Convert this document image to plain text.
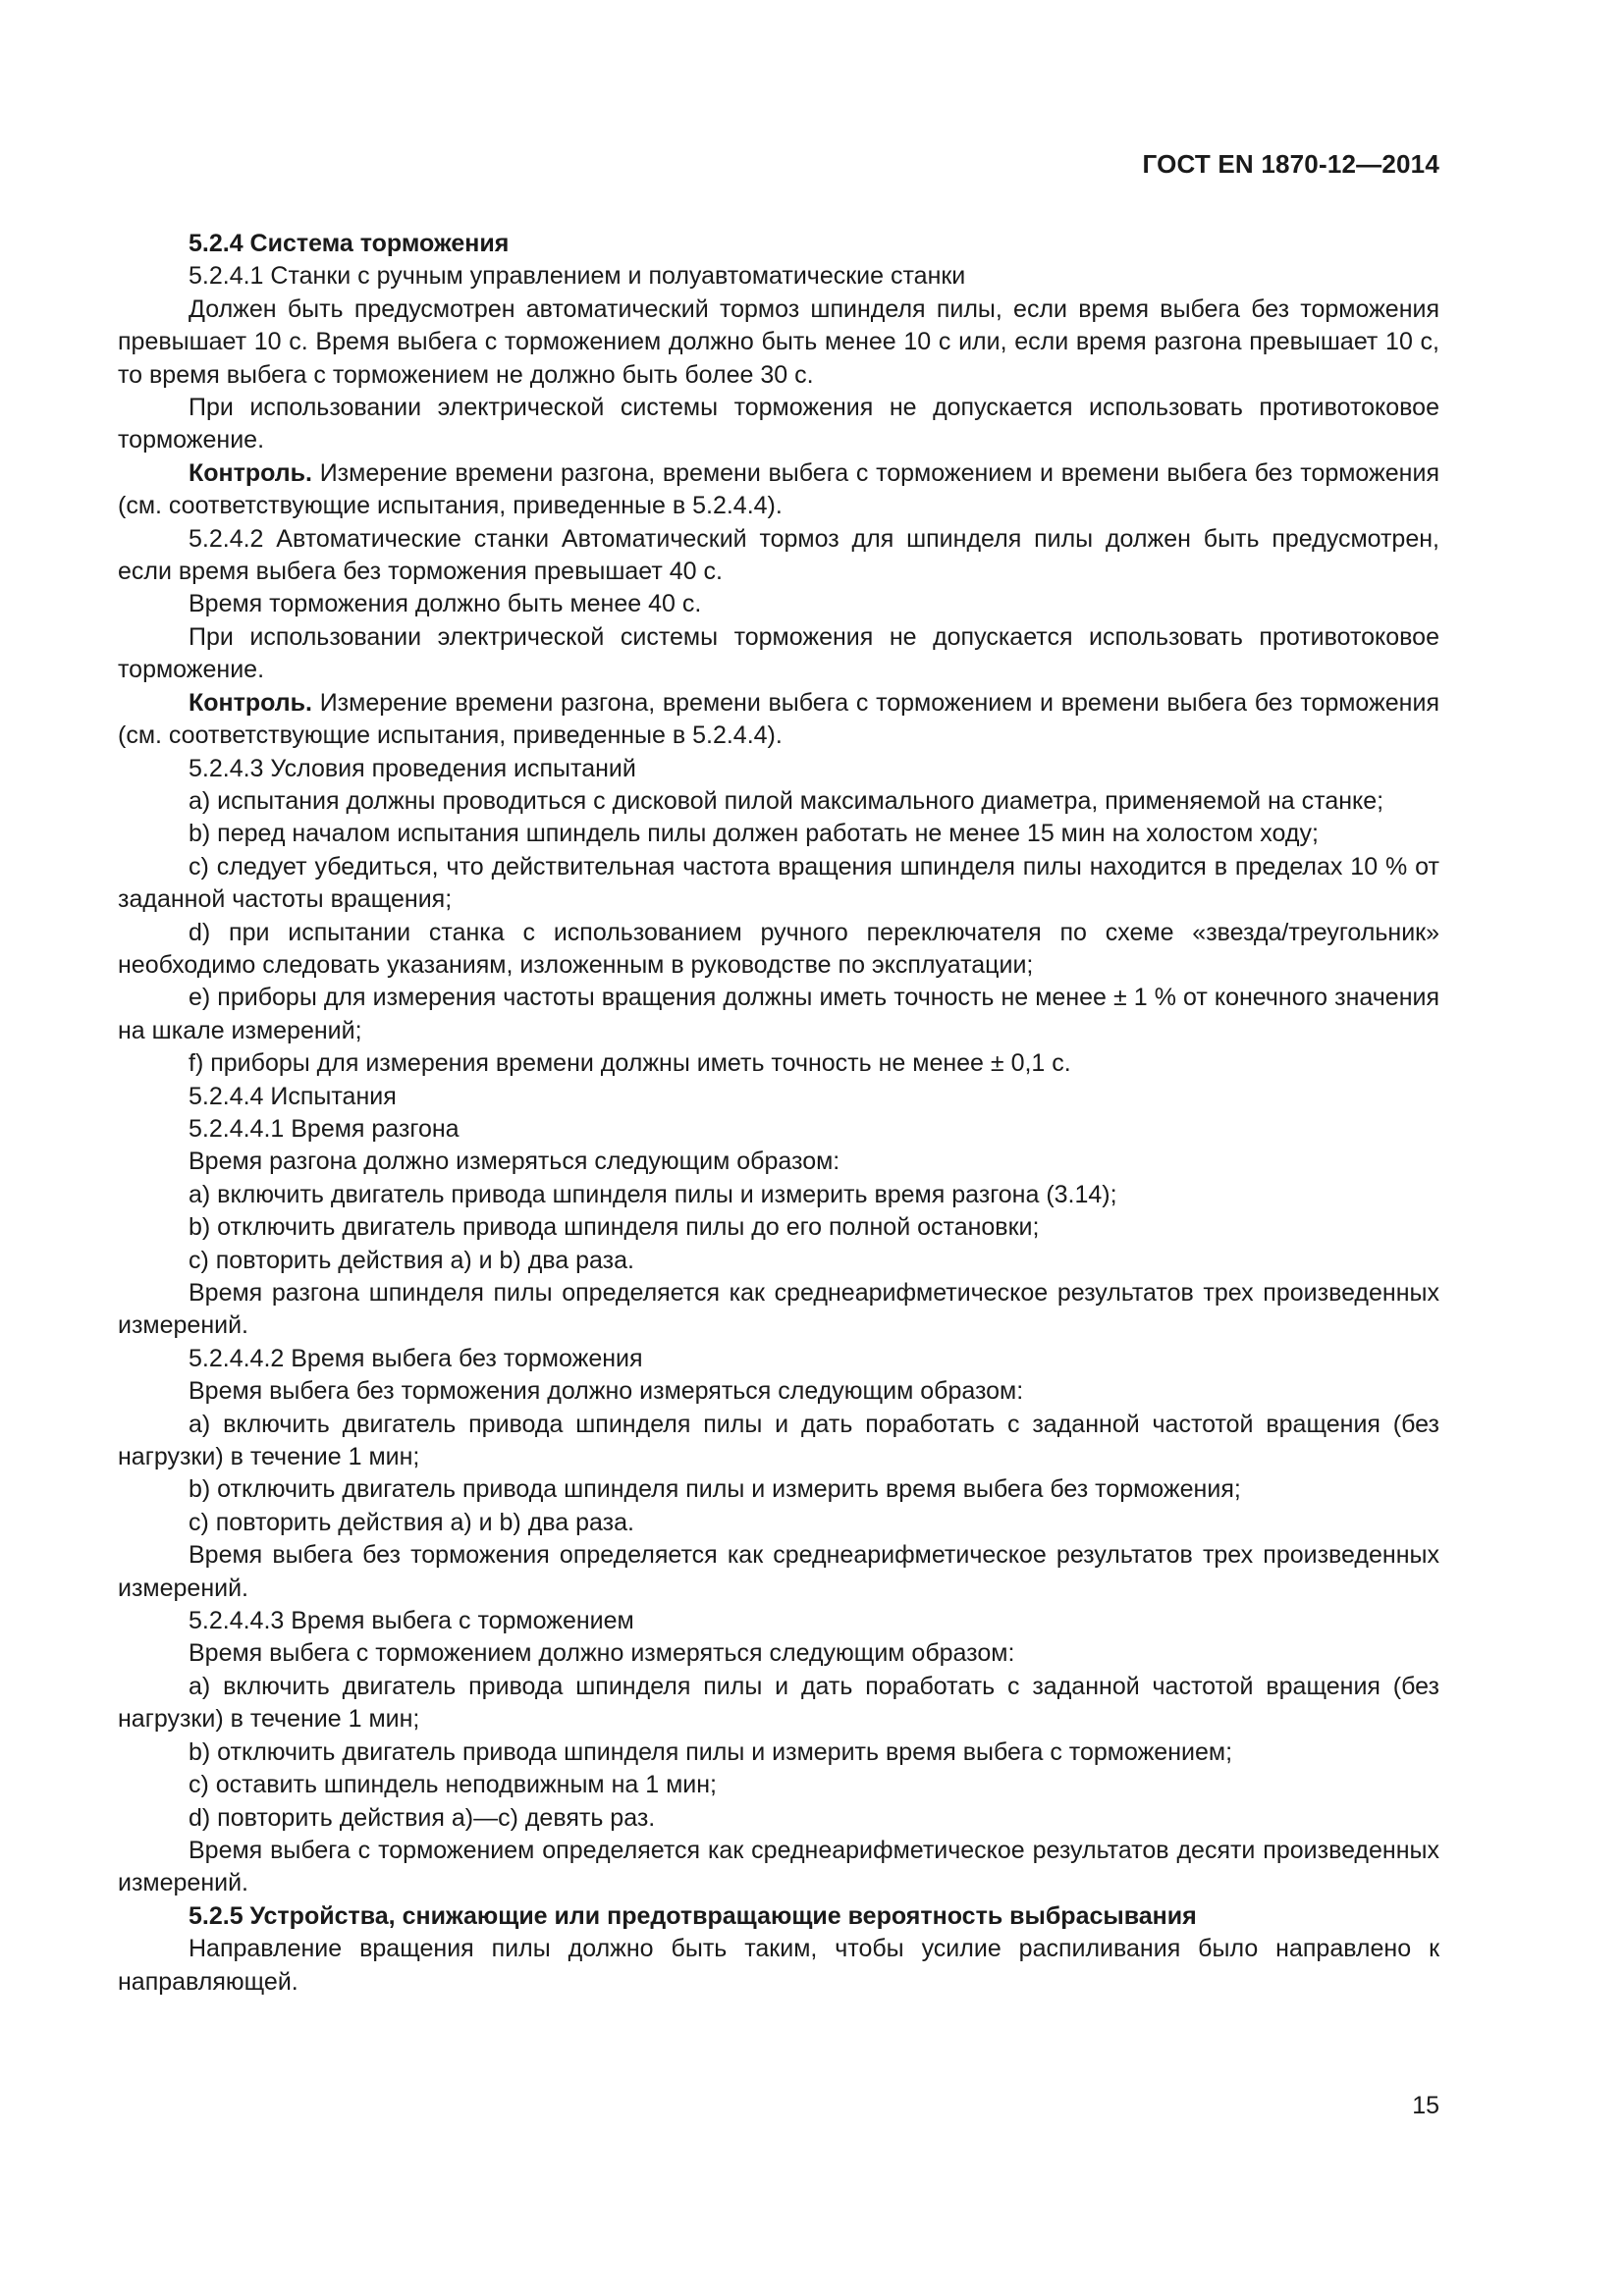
ГОСТ EN 1870-12—2014

5.2.4 Система торможения

5.2.4.1 Станки с ручным управлением и полуавтоматические станки

Должен быть предусмотрен автоматический тормоз шпинделя пилы, если время выбега без торможения превышает 10 с. Время выбега с торможением должно быть менее 10 с или, если время разгона превышает 10 с, то время выбега с торможением не должно быть более 30 с.

При использовании электрической системы торможения не допускается использовать противотоковое торможение.

Контроль. Измерение времени разгона, времени выбега с торможением и времени выбега без торможения (см. соответствующие испытания, приведенные в 5.2.4.4).

5.2.4.2 Автоматические станки Автоматический тормоз для шпинделя пилы должен быть предусмотрен, если время выбега без торможения превышает 40 с.

Время торможения должно быть менее 40 с.

При использовании электрической системы торможения не допускается использовать противотоковое торможение.

Контроль. Измерение времени разгона, времени выбега с торможением и времени выбега без торможения (см. соответствующие испытания, приведенные в 5.2.4.4).

5.2.4.3 Условия проведения испытаний

a) испытания должны проводиться с дисковой пилой максимального диаметра, применяемой на станке;

b) перед началом испытания шпиндель пилы должен работать не менее 15 мин на холостом ходу;

c) следует убедиться, что действительная частота вращения шпинделя пилы находится в пределах 10 % от заданной частоты вращения;

d) при испытании станка с использованием ручного переключателя по схеме «звезда/треугольник» необходимо следовать указаниям, изложенным в руководстве по эксплуатации;

e) приборы для измерения частоты вращения должны иметь точность не менее ± 1 % от конечного значения на шкале измерений;

f) приборы для измерения времени должны иметь точность не менее ± 0,1 с.

5.2.4.4 Испытания

5.2.4.4.1 Время разгона

Время разгона должно измеряться следующим образом:

a) включить двигатель привода шпинделя пилы и измерить время разгона (3.14);

b) отключить двигатель привода шпинделя пилы до его полной остановки;

c) повторить действия a) и b) два раза.

Время разгона шпинделя пилы определяется как среднеарифметическое результатов трех произведенных измерений.

5.2.4.4.2 Время выбега без торможения

Время выбега без торможения должно измеряться следующим образом:

a) включить двигатель привода шпинделя пилы и дать поработать с заданной частотой вращения (без нагрузки) в течение 1 мин;

b) отключить двигатель привода шпинделя пилы и измерить время выбега без торможения;

c) повторить действия a) и b) два раза.

Время выбега без торможения определяется как среднеарифметическое результатов трех произведенных измерений.

5.2.4.4.3 Время выбега с торможением

Время выбега с торможением должно измеряться следующим образом:

a) включить двигатель привода шпинделя пилы и дать поработать с заданной частотой вращения (без нагрузки) в течение 1 мин;

b) отключить двигатель привода шпинделя пилы и измерить время выбега с торможением;

c) оставить шпиндель неподвижным на 1 мин;

d) повторить действия a)—c) девять раз.

Время выбега с торможением определяется как среднеарифметическое результатов десяти произведенных измерений.

5.2.5 Устройства, снижающие или предотвращающие вероятность выбрасывания

Направление вращения пилы должно быть таким, чтобы усилие распиливания было направлено к направляющей.

15
